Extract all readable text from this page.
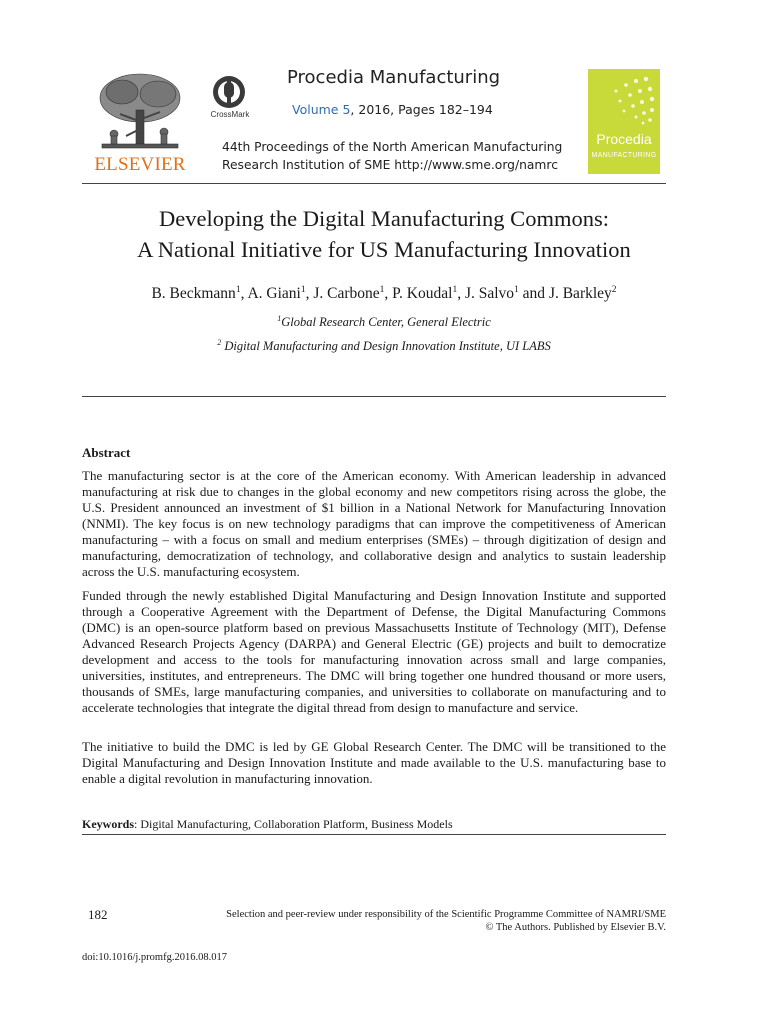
ELSEVIER
CrossMark
Procedia Manufacturing
Volume 5, 2016, Pages 182–194
44th Proceedings of the North American Manufacturing
Research Institution of SME http://www.sme.org/namrc
Procedia
MANUFACTURING
Developing the Digital Manufacturing Commons:
A National Initiative for US Manufacturing Innovation
B. Beckmann$^1$, A. Giani$^1$, J. Carbone$^1$, P. Koudal$^1$, J. Salvo$^1$ and J. Barkley$^2$
$^1$Global Research Center, General Electric
$^2$ Digital Manufacturing and Design Innovation Institute, UI LABS
Abstract
The manufacturing sector is at the core of the American economy. With American leadership in advanced manufacturing at risk due to changes in the global economy and new competitors rising across the globe, the U.S. President announced an investment of $1 billion in a National Network for Manufacturing Innovation (NNMI). The key focus is on new technology paradigms that can improve the competitiveness of American manufacturing – with a focus on small and medium enterprises (SMEs) – through digitization of design and manufacturing, democratization of technology, and collaborative design and analytics to sustain leadership across the U.S. manufacturing ecosystem.
Funded through the newly established Digital Manufacturing and Design Innovation Institute and supported through a Cooperative Agreement with the Department of Defense, the Digital Manufacturing Commons (DMC) is an open-source platform based on previous Massachusetts Institute of Technology (MIT), Defense Advanced Research Projects Agency (DARPA) and General Electric (GE) projects and built to democratize development and access to the tools for manufacturing innovation across small and large companies, universities, institutes, and entrepreneurs. The DMC will bring together one hundred thousand or more users, thousands of SMEs, large manufacturing companies, and universities to collaborate on manufacturing and to accelerate technologies that integrate the digital thread from design to manufacture and service.
The initiative to build the DMC is led by GE Global Research Center. The DMC will be transitioned to the Digital Manufacturing and Design Innovation Institute and made available to the U.S. manufacturing base to enable a digital revolution in manufacturing innovation.
Keywords: Digital Manufacturing, Collaboration Platform, Business Models
182	Selection and peer-review under responsibility of the Scientific Programme Committee of NAMRI/SME
© The Authors. Published by Elsevier B.V.
doi:10.1016/j.promfg.2016.08.017
